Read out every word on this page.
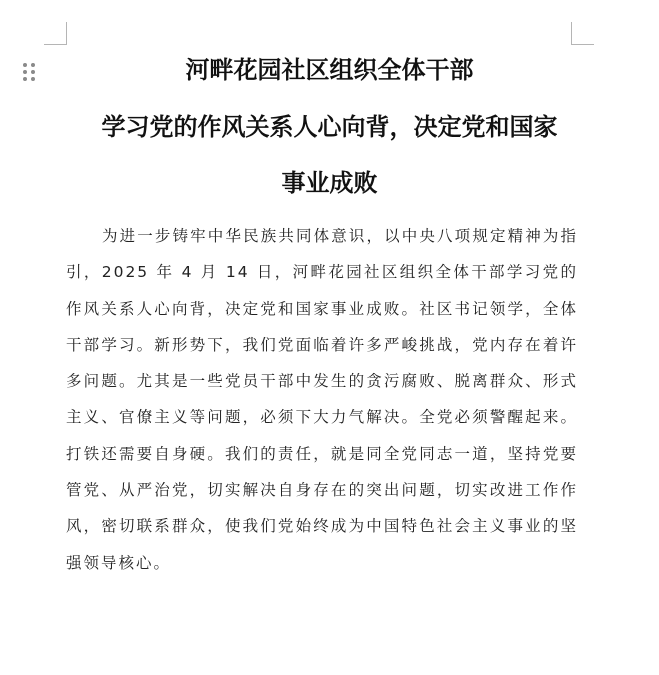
河畔花园社区组织全体干部
学习党的作风关系人心向背，决定党和国家
事业成败

为进一步铸牢中华民族共同体意识，以中央八项规定精神为指引，2025 年 4 月 14 日，河畔花园社区组织全体干部学习党的作风关系人心向背，决定党和国家事业成败。社区书记领学，全体干部学习。新形势下，我们党面临着许多严峻挑战，党内存在着许多问题。尤其是一些党员干部中发生的贪污腐败、脱离群众、形式主义、官僚主义等问题，必须下大力气解决。全党必须警醒起来。打铁还需要自身硬。我们的责任，就是同全党同志一道，坚持党要管党、从严治党，切实解决自身存在的突出问题，切实改进工作作风，密切联系群众，使我们党始终成为中国特色社会主义事业的坚强领导核心。
